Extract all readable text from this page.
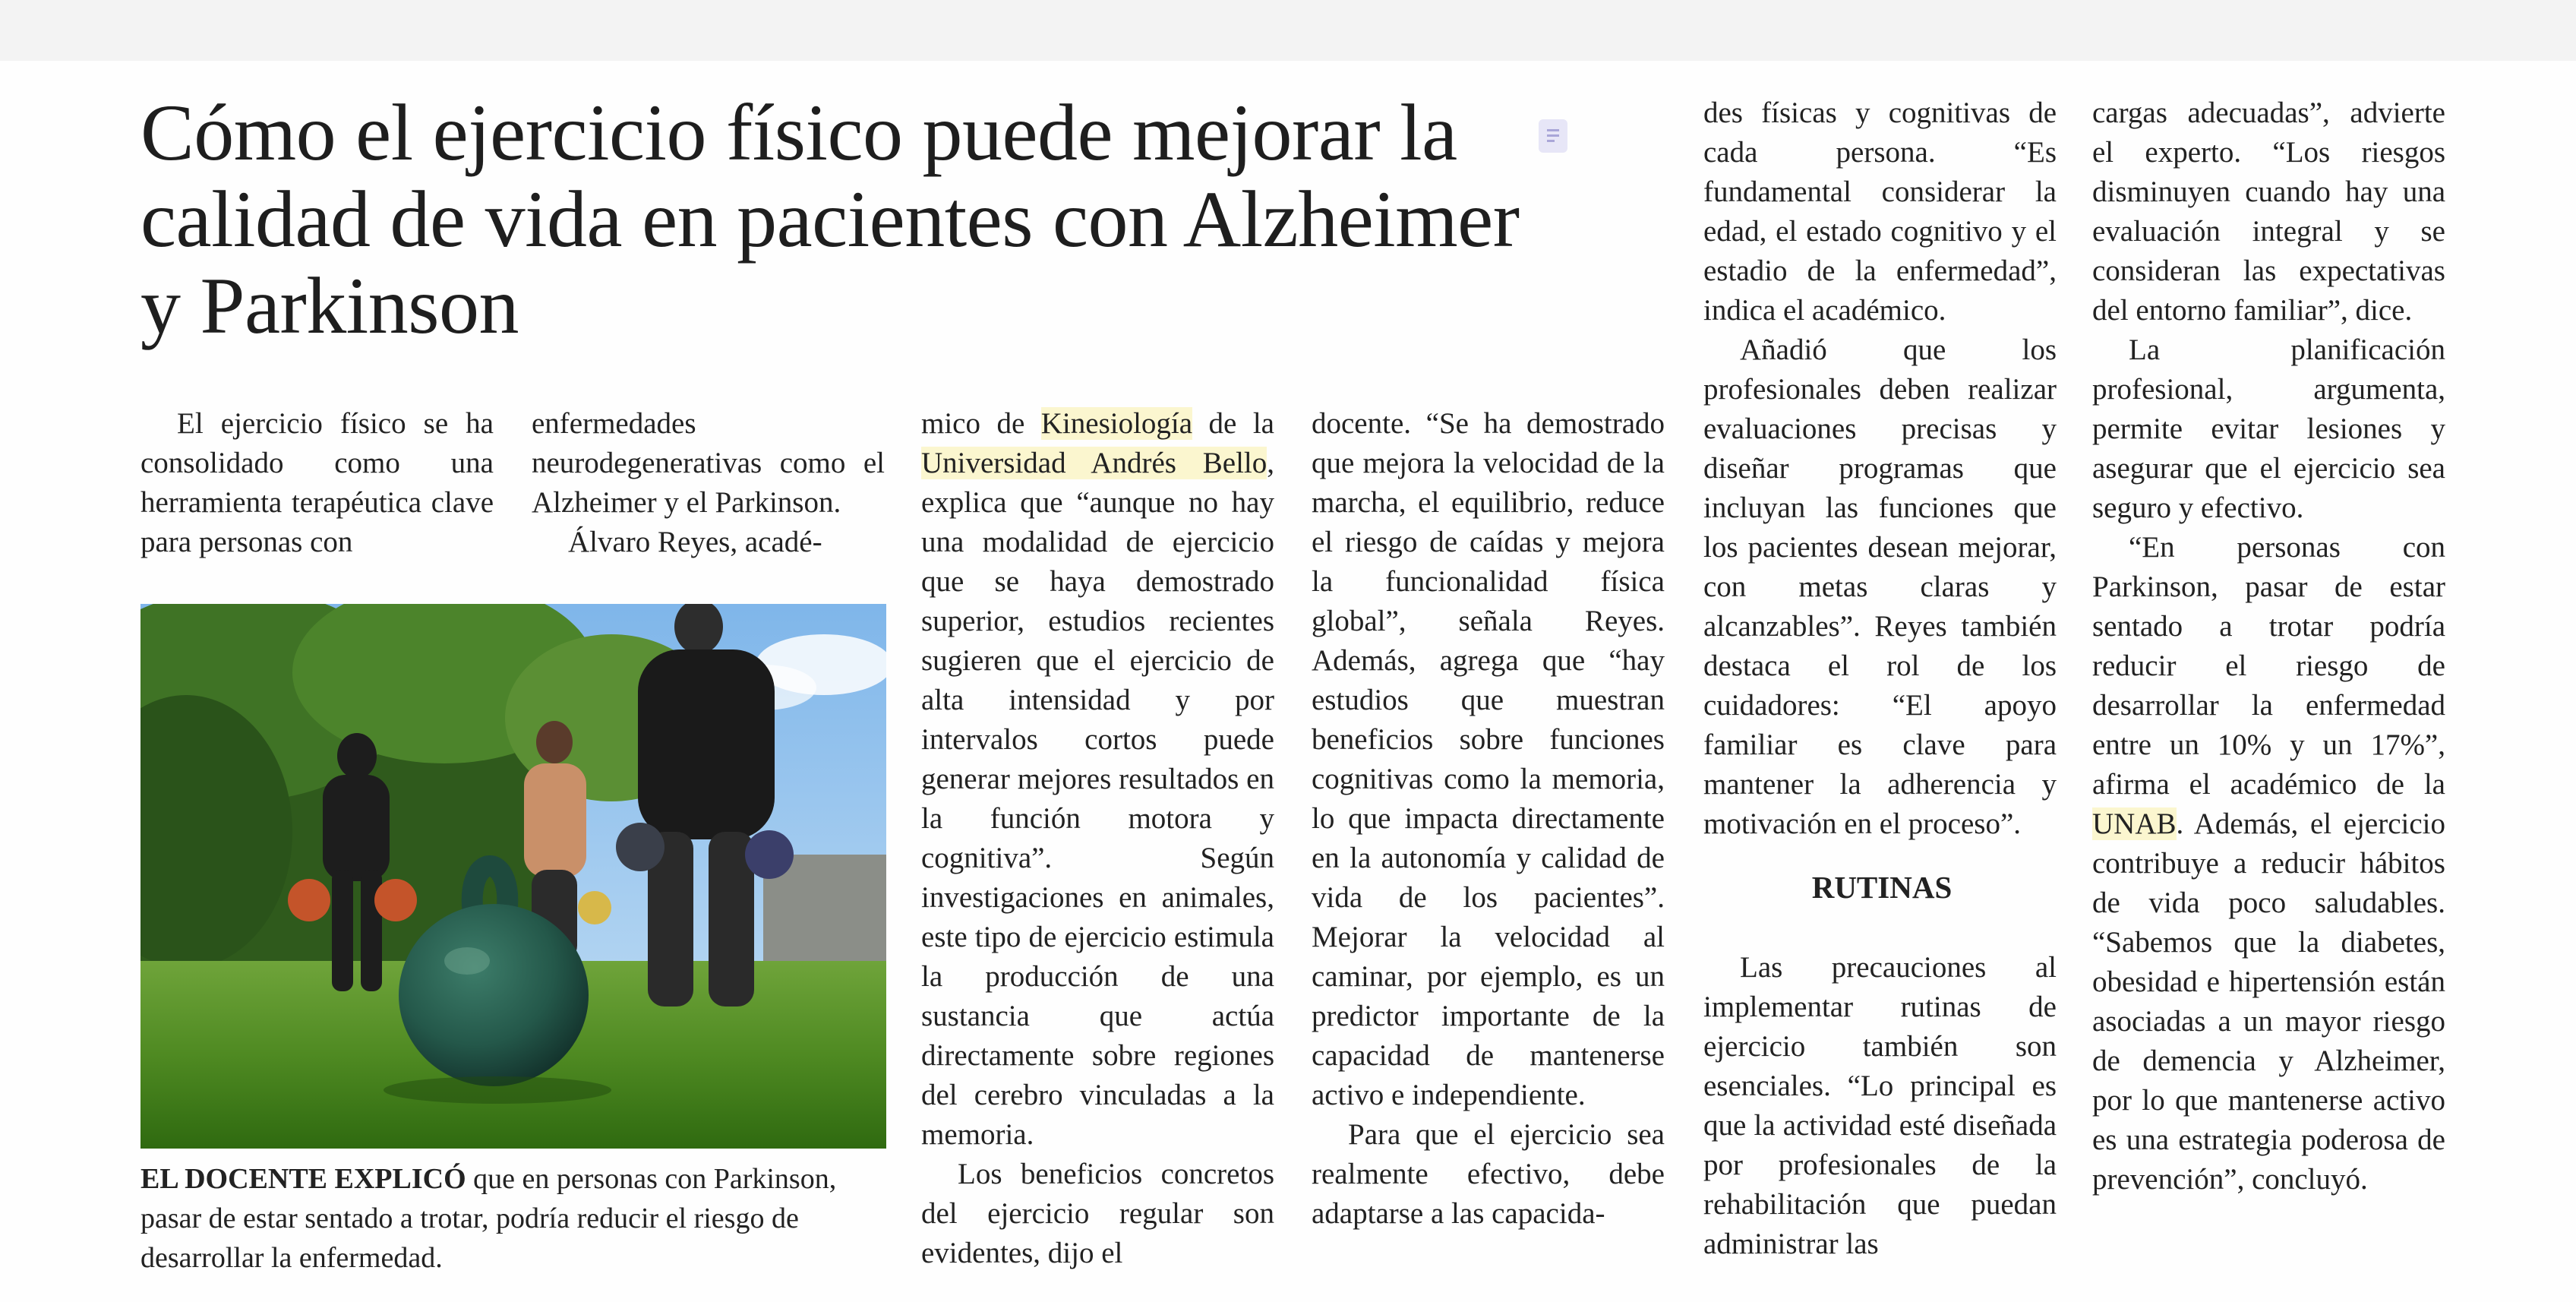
Cómo el ejercicio físico puede mejorar la calidad de vida en pacientes con Alzheimer y Parkinson

El ejercicio físico se ha consolidado como una herramienta terapéutica clave para personas con

enfermedades neurodegenerativas como el Alzheimer y el Parkinson.

Álvaro Reyes, acadé-

EL DOCENTE EXPLICÓ que en personas con Parkinson, pasar de estar sentado a trotar, podría reducir el riesgo de desarrollar la enfermedad.

mico de Kinesiología de la Universidad Andrés Bello, explica que “aunque no hay una modalidad de ejercicio que se haya demostrado superior, estudios recientes sugieren que el ejercicio de alta intensidad y por intervalos cortos puede generar mejores resultados en la función motora y cognitiva”. Según investigaciones en animales, este tipo de ejercicio estimula la producción de una sustancia que actúa directamente sobre regiones del cerebro vinculadas a la memoria.

Los beneficios concretos del ejercicio regular son evidentes, dijo el

docente. “Se ha demostrado que mejora la velocidad de la marcha, el equilibrio, reduce el riesgo de caídas y mejora la funcionalidad física global”, señala Reyes. Además, agrega que “hay estudios que muestran beneficios sobre funciones cognitivas como la memoria, lo que impacta directamente en la autonomía y calidad de vida de los pacientes”. Mejorar la velocidad al caminar, por ejemplo, es un predictor importante de la capacidad de mantenerse activo e independiente.

Para que el ejercicio sea realmente efectivo, debe adaptarse a las capacida-

des físicas y cognitivas de cada persona. “Es fundamental considerar la edad, el estado cognitivo y el estadio de la enfermedad”, indica el académico.

Añadió que los profesionales deben realizar evaluaciones precisas y diseñar programas que incluyan las funciones que los pacientes desean mejorar, con metas claras y alcanzables”. Reyes también destaca el rol de los cuidadores: “El apoyo familiar es clave para mantener la adherencia y motivación en el proceso”.

RUTINAS

Las precauciones al implementar rutinas de ejercicio también son esenciales. “Lo principal es que la actividad esté diseñada por profesionales de la rehabilitación que puedan administrar las

cargas adecuadas”, advierte el experto. “Los riesgos disminuyen cuando hay una evaluación integral y se consideran las expectativas del entorno familiar”, dice.

La planificación profesional, argumenta, permite evitar lesiones y asegurar que el ejercicio sea seguro y efectivo.

“En personas con Parkinson, pasar de estar sentado a trotar podría reducir el riesgo de desarrollar la enfermedad entre un 10% y un 17%”, afirma el académico de la UNAB. Además, el ejercicio contribuye a reducir hábitos de vida poco saludables. “Sabemos que la diabetes, obesidad e hipertensión están asociadas a un mayor riesgo de demencia y Alzheimer, por lo que mantenerse activo es una estrategia poderosa de prevención”, concluyó.
